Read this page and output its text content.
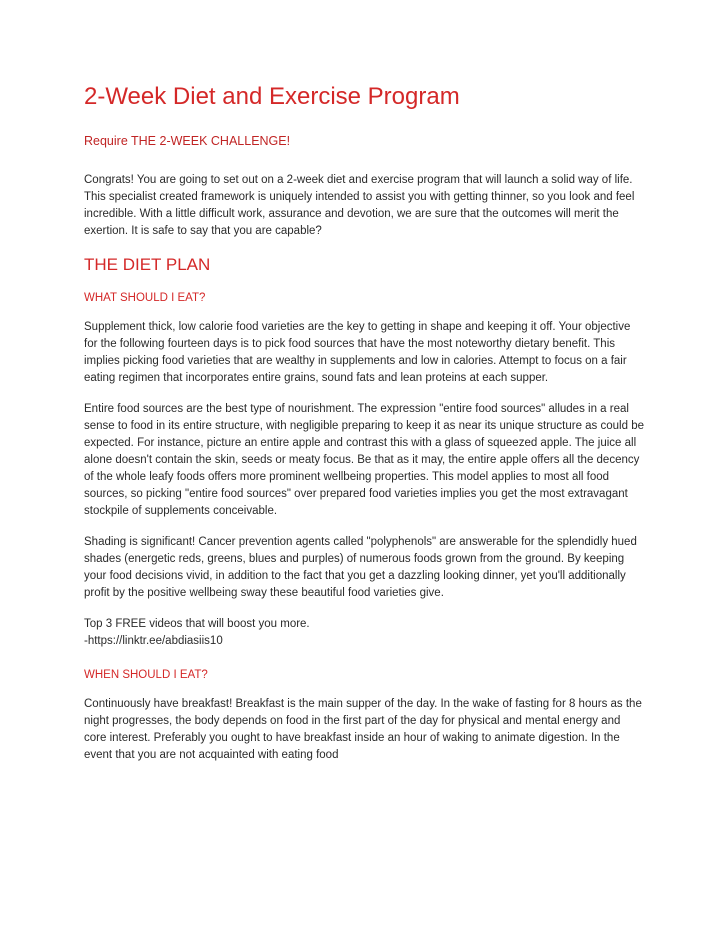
2-Week Diet and Exercise Program
Require THE 2-WEEK CHALLENGE!

Congrats! You are going to set out on a 2-week diet and exercise program that will launch a solid way of life. This specialist created framework is uniquely intended to assist you with getting thinner, so you look and feel incredible. With a little difficult work, assurance and devotion, we are sure that the outcomes will merit the exertion. It is safe to say that you are capable?

THE DIET PLAN
WHAT SHOULD I EAT?

Supplement thick, low calorie food varieties are the key to getting in shape and keeping it off. Your objective for the following fourteen days is to pick food sources that have the most noteworthy dietary benefit. This implies picking food varieties that are wealthy in supplements and low in calories. Attempt to focus on a fair eating regimen that incorporates entire grains, sound fats and lean proteins at each supper.

Entire food sources are the best type of nourishment. The expression "entire food sources" alludes in a real sense to food in its entire structure, with negligible preparing to keep it as near its unique structure as could be expected. For instance, picture an entire apple and contrast this with a glass of squeezed apple. The juice all alone doesn't contain the skin, seeds or meaty focus. Be that as it may, the entire apple offers all the decency of the whole leafy foods offers more prominent wellbeing properties. This model applies to most all food sources, so picking "entire food sources" over prepared food varieties implies you get the most extravagant stockpile of supplements conceivable.

Shading is significant! Cancer prevention agents called "polyphenols" are answerable for the splendidly hued shades (energetic reds, greens, blues and purples) of numerous foods grown from the ground. By keeping your food decisions vivid, in addition to the fact that you get a dazzling looking dinner, yet you'll additionally profit by the positive wellbeing sway these beautiful food varieties give.

Top 3 FREE videos that will boost you more.

-https://linktr.ee/abdiasiis10
WHEN SHOULD I EAT?

Continuously have breakfast! Breakfast is the main supper of the day. In the wake of fasting for 8 hours as the night progresses, the body depends on food in the first part of the day for physical and mental energy and core interest. Preferably you ought to have breakfast inside an hour of waking to animate digestion. In the event that you are not acquainted with eating food
